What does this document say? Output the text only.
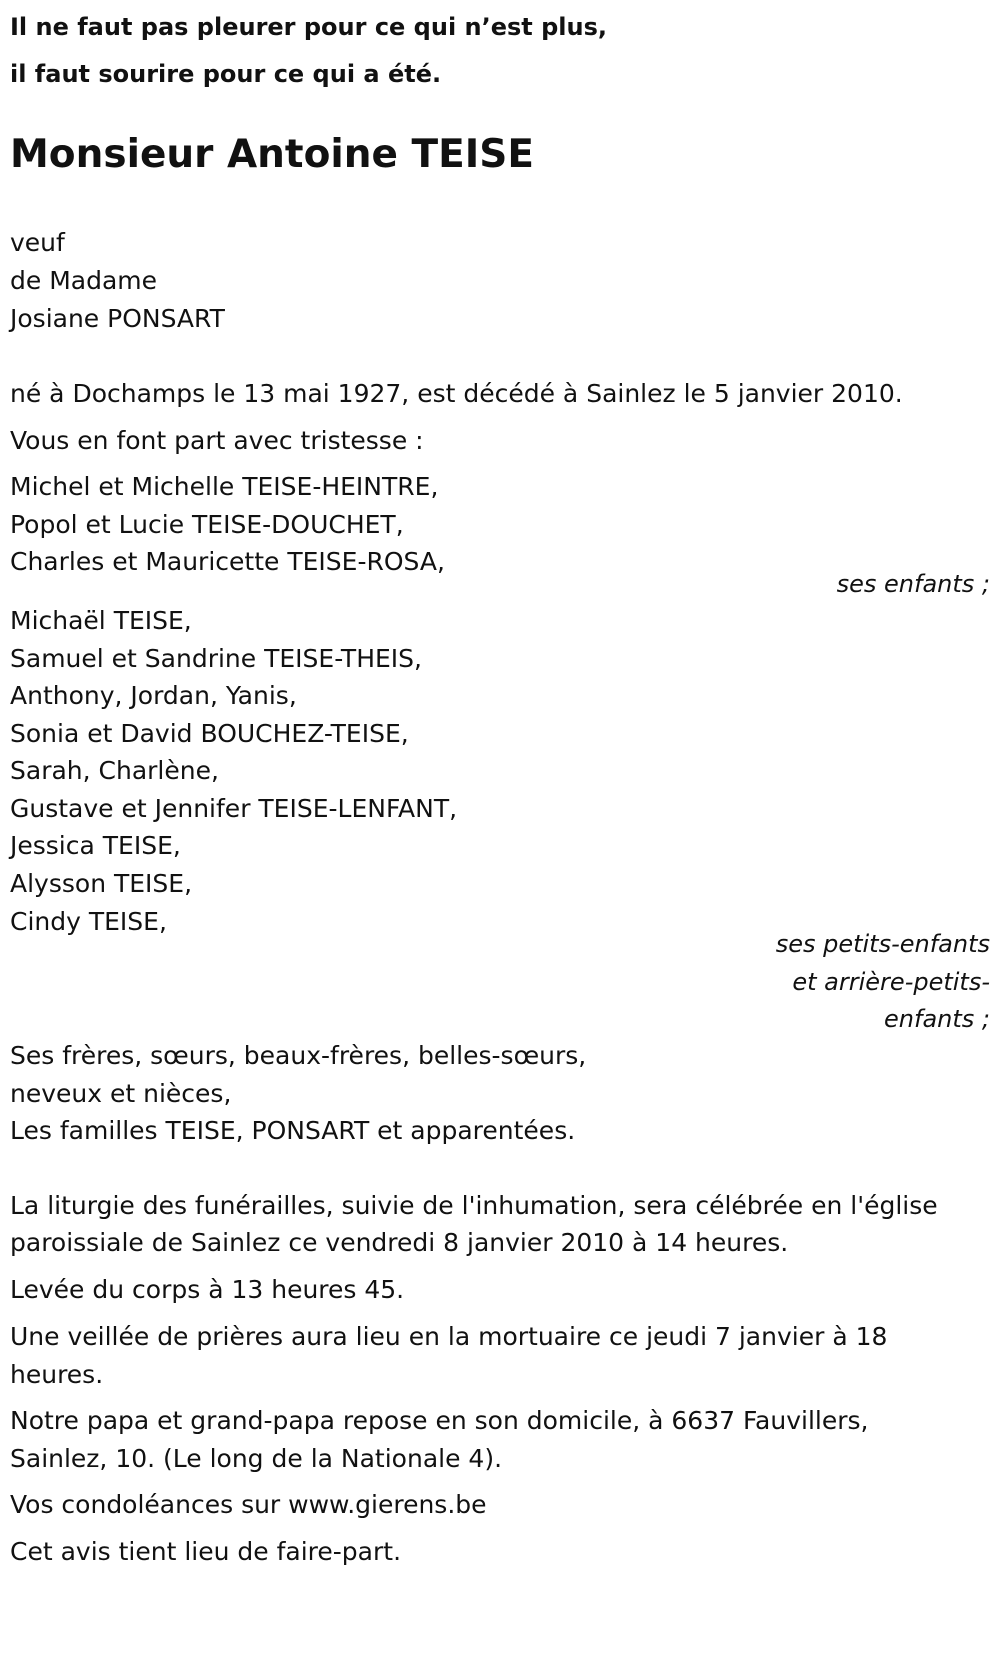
Il ne faut pas pleurer pour ce qui n’est plus,
il faut sourire pour ce qui a été.
Monsieur Antoine TEISE
veuf
de Madame
Josiane PONSART
né à Dochamps le 13 mai 1927, est décédé à Sainlez le 5 janvier 2010.
Vous en font part avec tristesse :
Michel et Michelle TEISE-HEINTRE,
Popol et Lucie TEISE-DOUCHET,
Charles et Mauricette TEISE-ROSA,
ses enfants ;
Michaël TEISE,
Samuel et Sandrine TEISE-THEIS,
Anthony, Jordan, Yanis,
Sonia et David BOUCHEZ-TEISE,
Sarah, Charlène,
Gustave et Jennifer TEISE-LENFANT,
Jessica TEISE,
Alysson TEISE,
Cindy TEISE,
ses petits-enfants
et arrière-petits-
enfants ;
Ses frères, sœurs, beaux-frères, belles-sœurs,
neveux et nièces,
Les familles TEISE, PONSART et apparentées.
La liturgie des funérailles, suivie de l'inhumation, sera célébrée en l'église
paroissiale de Sainlez ce vendredi 8 janvier 2010 à 14 heures.
Levée du corps à 13 heures 45.
Une veillée de prières aura lieu en la mortuaire ce jeudi 7 janvier à 18
heures.
Notre papa et grand-papa repose en son domicile, à 6637 Fauvillers,
Sainlez, 10. (Le long de la Nationale 4).
Vos condoléances sur www.gierens.be
Cet avis tient lieu de faire-part.
